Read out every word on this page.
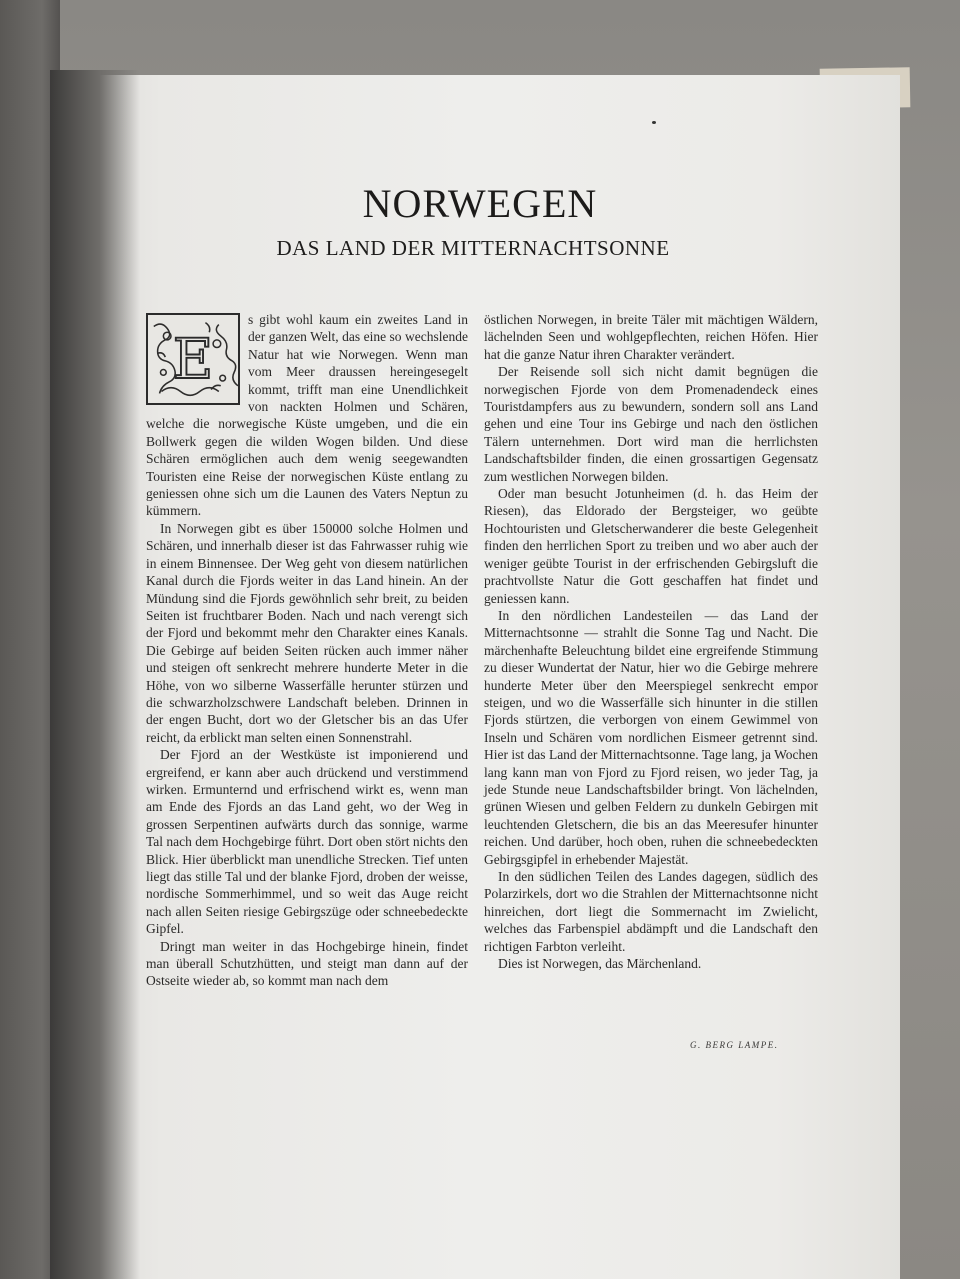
NORWEGEN
DAS LAND DER MITTERNACHTSONNE
E

s gibt wohl kaum ein zweites Land in der ganzen Welt, das eine so wechslende Natur hat wie Norwegen. Wenn man vom Meer draussen hereingesegelt kommt, trifft man eine Unendlichkeit von nackten Holmen und Schären, welche die norwegische Küste umgeben, und die ein Bollwerk gegen die wilden Wogen bilden. Und diese Schären ermöglichen auch dem wenig seegewandten Touristen eine Reise der norwegischen Küste entlang zu geniessen ohne sich um die Launen des Vaters Neptun zu kümmern.

In Norwegen gibt es über 150000 solche Holmen und Schären, und innerhalb dieser ist das Fahrwasser ruhig wie in einem Binnensee. Der Weg geht von diesem natürlichen Kanal durch die Fjords weiter in das Land hinein. An der Mündung sind die Fjords gewöhnlich sehr breit, zu beiden Seiten ist fruchtbarer Boden. Nach und nach verengt sich der Fjord und bekommt mehr den Charakter eines Kanals. Die Gebirge auf beiden Seiten rücken auch immer näher und steigen oft senkrecht mehrere hunderte Meter in die Höhe, von wo silberne Wasserfälle herunter stürzen und die schwarzholzschwere Landschaft beleben. Drinnen in der engen Bucht, dort wo der Gletscher bis an das Ufer reicht, da erblickt man selten einen Sonnenstrahl.

Der Fjord an der Westküste ist imponierend und ergreifend, er kann aber auch drückend und verstimmend wirken. Ermunternd und erfrischend wirkt es, wenn man am Ende des Fjords an das Land geht, wo der Weg in grossen Serpentinen aufwärts durch das sonnige, warme Tal nach dem Hochgebirge führt. Dort oben stört nichts den Blick. Hier überblickt man unendliche Strecken. Tief unten liegt das stille Tal und der blanke Fjord, droben der weisse, nordische Sommerhimmel, und so weit das Auge reicht nach allen Seiten riesige Gebirgszüge oder schneebedeckte Gipfel.

Dringt man weiter in das Hochgebirge hinein, findet man überall Schutzhütten, und steigt man dann auf der Ostseite wieder ab, so kommt man nach dem

östlichen Norwegen, in breite Täler mit mächtigen Wäldern, lächelnden Seen und wohlgepflechten, reichen Höfen. Hier hat die ganze Natur ihren Charakter verändert.

Der Reisende soll sich nicht damit begnügen die norwegischen Fjorde von dem Promenadendeck eines Touristdampfers aus zu bewundern, sondern soll ans Land gehen und eine Tour ins Gebirge und nach den östlichen Tälern unternehmen. Dort wird man die herrlichsten Landschaftsbilder finden, die einen grossartigen Gegensatz zum westlichen Norwegen bilden.

Oder man besucht Jotunheimen (d. h. das Heim der Riesen), das Eldorado der Bergsteiger, wo geübte Hochtouristen und Gletscherwanderer die beste Gelegenheit finden den herrlichen Sport zu treiben und wo aber auch der weniger geübte Tourist in der erfrischenden Gebirgsluft die prachtvollste Natur die Gott geschaffen hat findet und geniessen kann.

In den nördlichen Landesteilen — das Land der Mitternachtsonne — strahlt die Sonne Tag und Nacht. Die märchenhafte Beleuchtung bildet eine ergreifende Stimmung zu dieser Wundertat der Natur, hier wo die Gebirge mehrere hunderte Meter über den Meerspiegel senkrecht empor steigen, und wo die Wasserfälle sich hinunter in die stillen Fjords stürtzen, die verborgen von einem Gewimmel von Inseln und Schären vom nordlichen Eismeer getrennt sind. Hier ist das Land der Mitternachtsonne. Tage lang, ja Wochen lang kann man von Fjord zu Fjord reisen, wo jeder Tag, ja jede Stunde neue Landschaftsbilder bringt. Von lächelnden, grünen Wiesen und gelben Feldern zu dunkeln Gebirgen mit leuchtenden Gletschern, die bis an das Meeresufer hinunter reichen. Und darüber, hoch oben, ruhen die schneebedeckten Gebirgsgipfel in erhebender Majestät.

In den südlichen Teilen des Landes dagegen, südlich des Polarzirkels, dort wo die Strahlen der Mitternachtsonne nicht hinreichen, dort liegt die Sommernacht im Zwielicht, welches das Farbenspiel abdämpft und die Landschaft den richtigen Farbton verleiht.

Dies ist Norwegen, das Märchenland.

G. BERG LAMPE.
